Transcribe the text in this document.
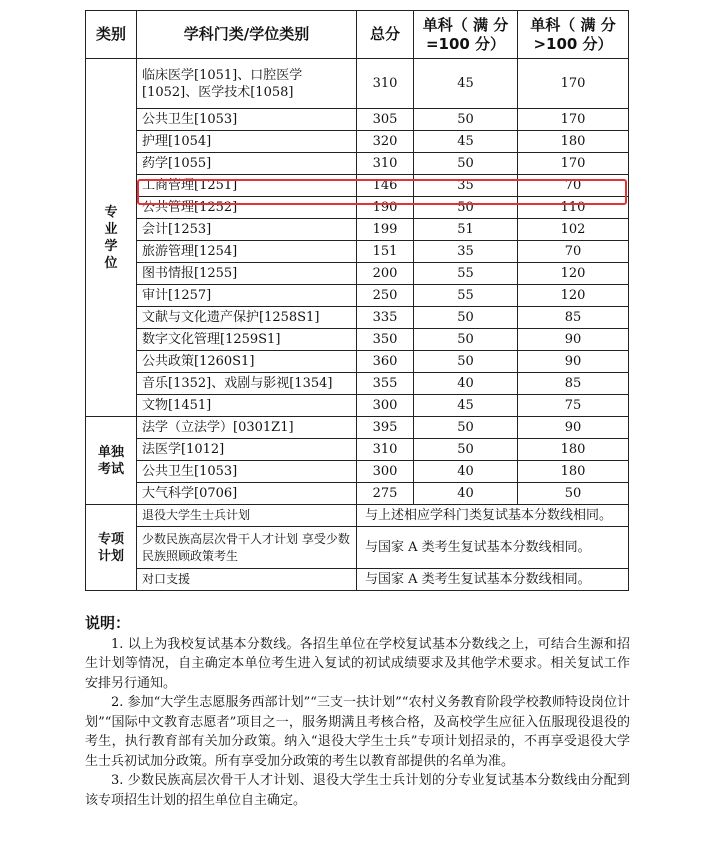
类别	学科门类/学位类别	总分	单科（ 满 分=100 分）	单科（ 满 分>100 分）

专
业
学
位	临床医学[1051]、口腔医学[1052]、医学技术[1058]	310	45	170
	公共卫生[1053]	305	50	170
	护理[1054]	320	45	180
	药学[1055]	310	50	170
	工商管理[1251]	146	35	70
	公共管理[1252]	190	50	110
	会计[1253]	199	51	102
	旅游管理[1254]	151	35	70
	图书情报[1255]	200	55	120
	审计[1257]	250	55	120
	文献与文化遗产保护[1258S1]	335	50	85
	数字文化管理[1259S1]	350	50	90
	公共政策[1260S1]	360	50	90
	音乐[1352]、戏剧与影视[1354]	355	40	85
	文物[1451]	300	45	75

单独
考试	法学（立法学）[0301Z1]	395	50	90
	法医学[1012]	310	50	180
	公共卫生[1053]	300	40	180
	大气科学[0706]	275	40	50

专项
计划	退役大学生士兵计划	与上述相应学科门类复试基本分数线相同。		
	少数民族高层次骨干人才计划 享受少数民族照顾政策考生	与国家 A 类考生复试基本分数线相同。		
	对口支援	与国家 A 类考生复试基本分数线相同。		
说明：

1. 以上为我校复试基本分数线。各招生单位在学校复试基本分数线之上，可结合生源和招生计划等情况，自主确定本单位考生进入复试的初试成绩要求及其他学术要求。相关复试工作安排另行通知。

2. 参加“大学生志愿服务西部计划”“三支一扶计划”“农村义务教育阶段学校教师特设岗位计划”“国际中文教育志愿者”项目之一，服务期满且考核合格，及高校学生应征入伍服现役退役的考生，执行教育部有关加分政策。纳入“退役大学生士兵”专项计划招录的，不再享受退役大学生士兵初试加分政策。所有享受加分政策的考生以教育部提供的名单为准。

3. 少数民族高层次骨干人才计划、退役大学生士兵计划的分专业复试基本分数线由分配到该专项招生计划的招生单位自主确定。
